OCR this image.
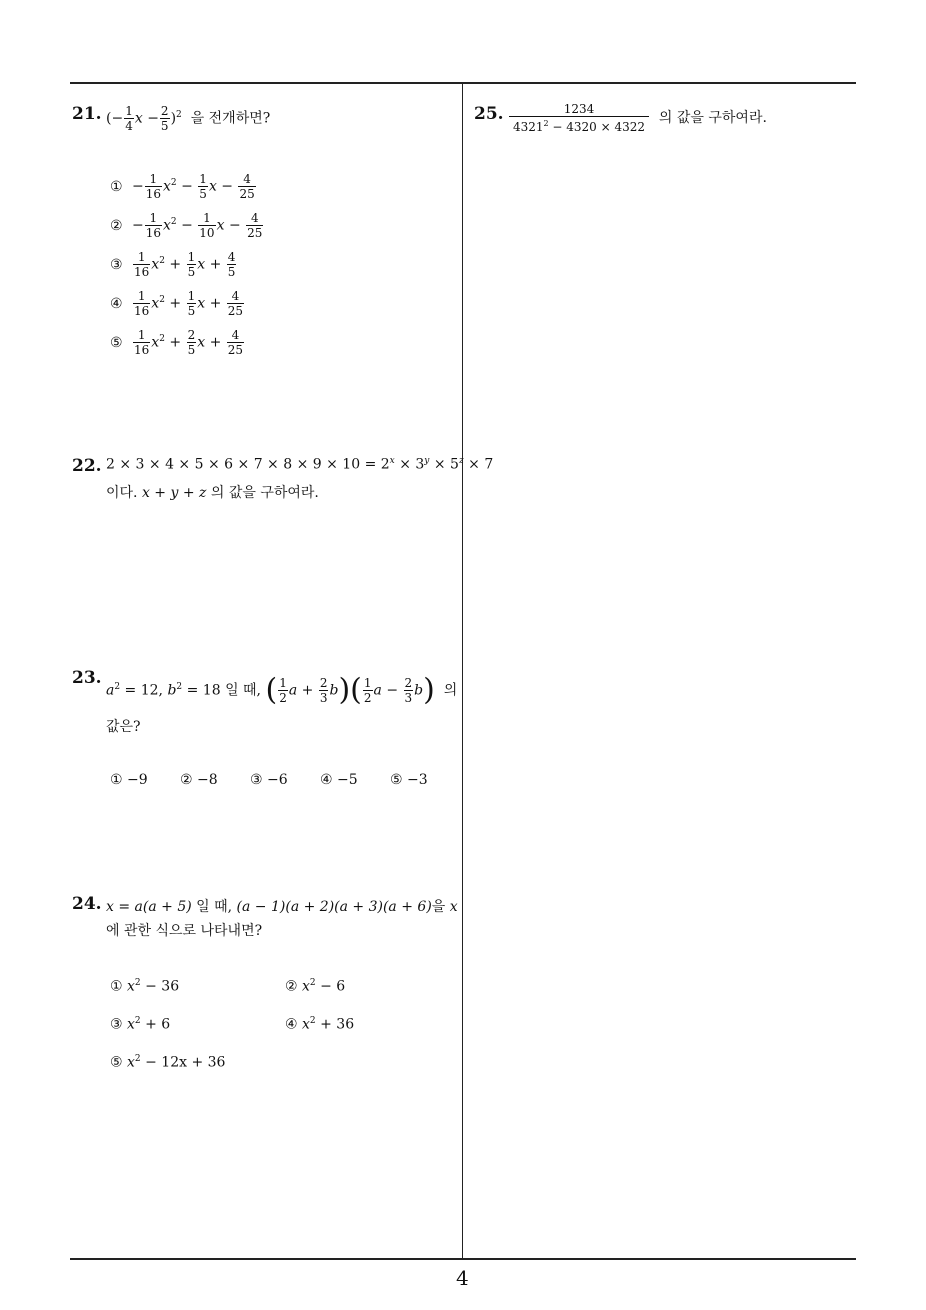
21. (− $\frac{1}{4}$ $x - \frac{2}{5} )^2$ 을 전개하면?
① − $\frac{1}{16} x^2 - \frac{1}{5}$ $x - \frac{4}{25}$
② − $\frac{1}{16} x^2 - \frac{1}{10}$ $x - \frac{4}{25}$
③ $\frac{1}{16} x^2 + \frac{1}{5}$ $x + \frac{4}{5}$
④ $\frac{1}{16} x^2 + \frac{1}{5}$ $x + \frac{4}{25}$
⑤ $\frac{1}{16} x^2 + \frac{2}{5}$ $x + \frac{4}{25}$
22. $2 \times 3 \times 4 \times 5 \times 6 \times 7 \times 8 \times 9 \times 10 = 2^x \times 3^y \times 5^z \times 7$
이다. x + y + z 의 값을 구하여라.
23.
$a^2 = 12$, $b^2 = 18$ 일 때, ( $\frac{1}{2}$ $a + \frac{2}{3} b)( \frac{1}{2}$ $a - \frac{2}{3} b$) 의
값은?
① −9 ② −8 ③ −6 ④ −5 ⑤ −3
24. x = a(a + 5) 일 때, (a − 1)(a + 2)(a + 3)(a + 6)을 x
에 관한 식으로 나타내면?
① $x^2 - 36$	② $x^2 - 6$
③ $x^2 + 6$	④ $x^2 + 36$
⑤ $x^2 - 12x + 36$
25. $\frac{1234}{4321^2 - 4320 \times 4322}$ 의 값을 구하여라.
4
